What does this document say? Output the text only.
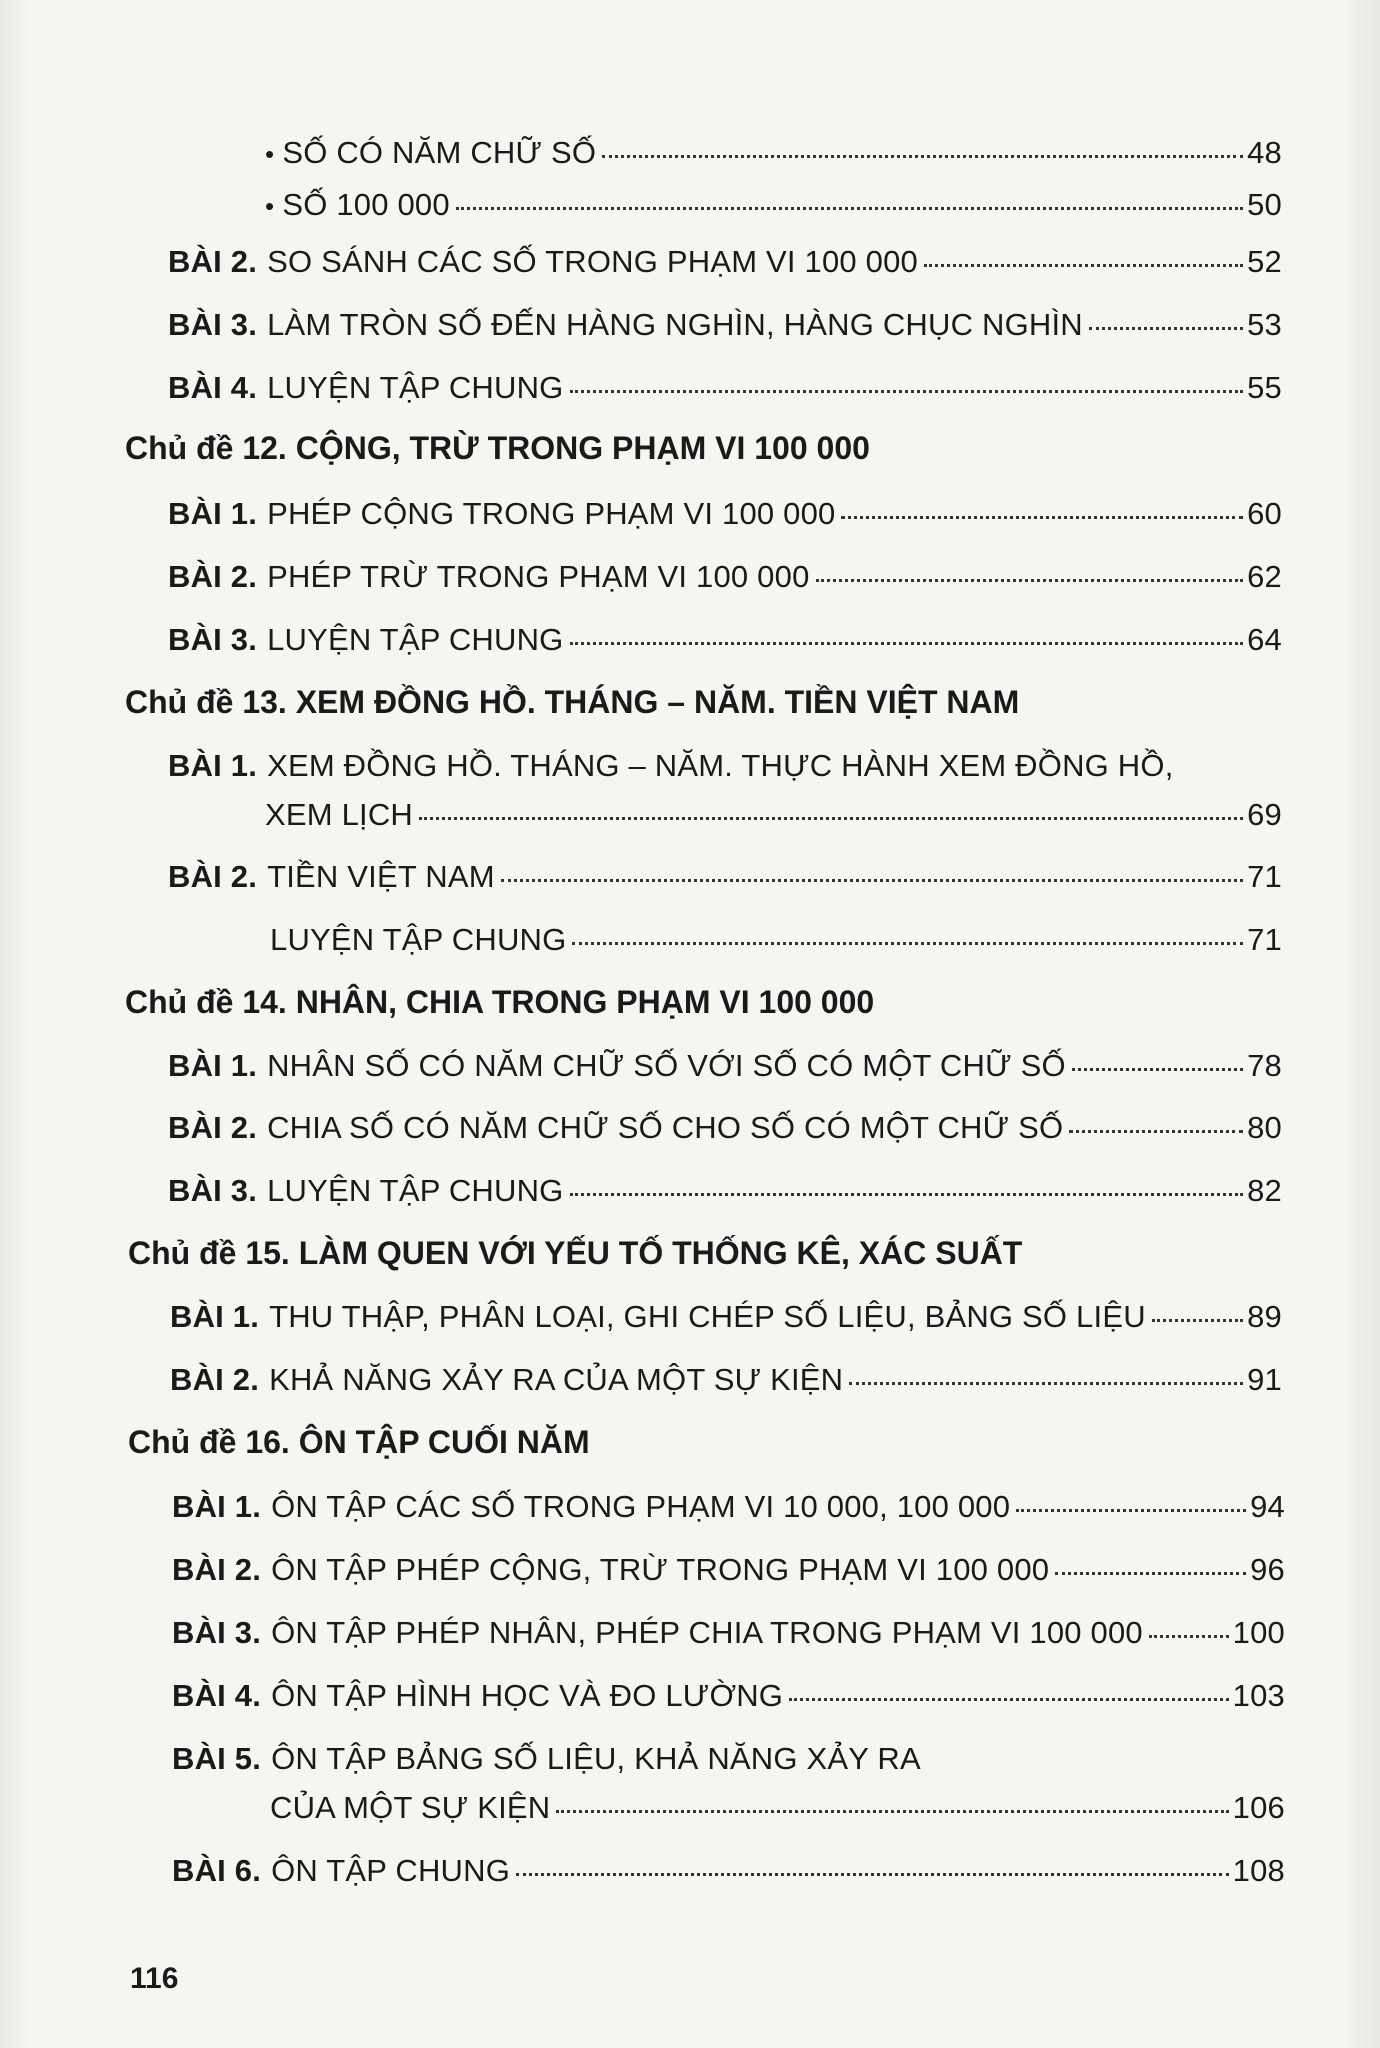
• SỐ CÓ NĂM CHỮ SỐ	48
• SỐ 100 000	50
BÀI 2. SO SÁNH CÁC SỐ TRONG PHẠM VI 100 000	52
BÀI 3. LÀM TRÒN SỐ ĐẾN HÀNG NGHÌN, HÀNG CHỤC NGHÌN	53
BÀI 4. LUYỆN TẬP CHUNG	55
Chủ đề 12. CỘNG, TRỪ TRONG PHẠM VI 100 000
BÀI 1. PHÉP CỘNG TRONG PHẠM VI 100 000	60
BÀI 2. PHÉP TRỪ TRONG PHẠM VI 100 000	62
BÀI 3. LUYỆN TẬP CHUNG	64
Chủ đề 13. XEM ĐỒNG HỒ. THÁNG – NĂM. TIỀN VIỆT NAM
BÀI 1. XEM ĐỒNG HỒ. THÁNG – NĂM. THỰC HÀNH XEM ĐỒNG HỒ,
XEM LỊCH	69
BÀI 2. TIỀN VIỆT NAM	71
LUYỆN TẬP CHUNG	71
Chủ đề 14. NHÂN, CHIA TRONG PHẠM VI 100 000
BÀI 1. NHÂN SỐ CÓ NĂM CHỮ SỐ VỚI SỐ CÓ MỘT CHỮ SỐ	78
BÀI 2. CHIA SỐ CÓ NĂM CHỮ SỐ CHO SỐ CÓ MỘT CHỮ SỐ	80
BÀI 3. LUYỆN TẬP CHUNG	82
Chủ đề 15. LÀM QUEN VỚI YẾU TỐ THỐNG KÊ, XÁC SUẤT
BÀI 1. THU THẬP, PHÂN LOẠI, GHI CHÉP SỐ LIỆU, BẢNG SỐ LIỆU	89
BÀI 2. KHẢ NĂNG XẢY RA CỦA MỘT SỰ KIỆN	91
Chủ đề 16. ÔN TẬP CUỐI NĂM
BÀI 1. ÔN TẬP CÁC SỐ TRONG PHẠM VI 10 000, 100 000	94
BÀI 2. ÔN TẬP PHÉP CỘNG, TRỪ TRONG PHẠM VI 100 000	96
BÀI 3. ÔN TẬP PHÉP NHÂN, PHÉP CHIA TRONG PHẠM VI 100 000	100
BÀI 4. ÔN TẬP HÌNH HỌC VÀ ĐO LƯỜNG	103
BÀI 5. ÔN TẬP BẢNG SỐ LIỆU, KHẢ NĂNG XẢY RA
CỦA MỘT SỰ KIỆN	106
BÀI 6. ÔN TẬP CHUNG	108
116
